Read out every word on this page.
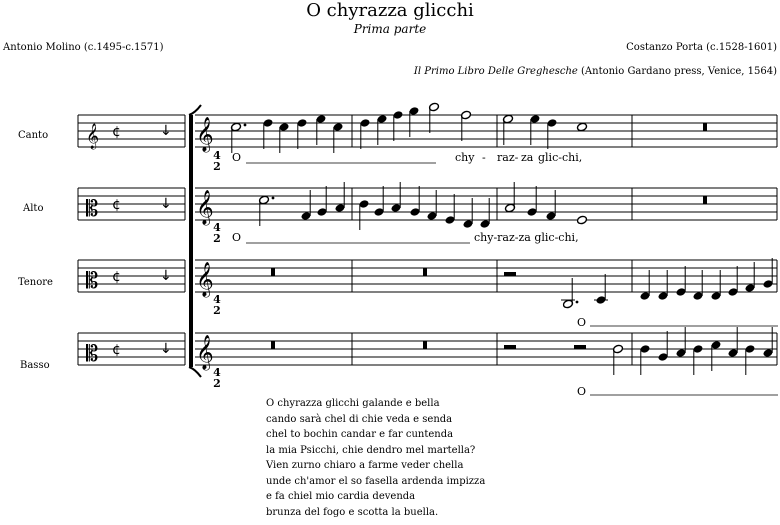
O chyrazza glicchi
Prima parte
Antonio Molino (c.1495-c.1571)	Costanzo Porta (c.1528-1601)
Il Primo Libro Delle Greghesche (Antonio Gardano press, Venice, 1564)
𝄞 ¢	↓
𝄡 ¢	↓
𝄡 ¢	↓
𝄡 ¢	↓
𝄞
𝄞
𝄞
𝄞
Canto
Alto
Tenore
Basso
4
2
4
2
4
2
4
2
O	chy - raz- za glic-chi,
O	chy-raz-za glic-chi,
O
O
O chyrazza glicchi galande e bella
cando sarà chel di chie veda e senda
chel to bochin candar e far cuntenda
la mia Psicchi, chie dendro mel martella?
Vien zurno chiaro a farme veder chella
unde ch'amor el so fasella ardenda impizza
e fa chiel mio cardia devenda
brunza del fogo e scotta la buella.
